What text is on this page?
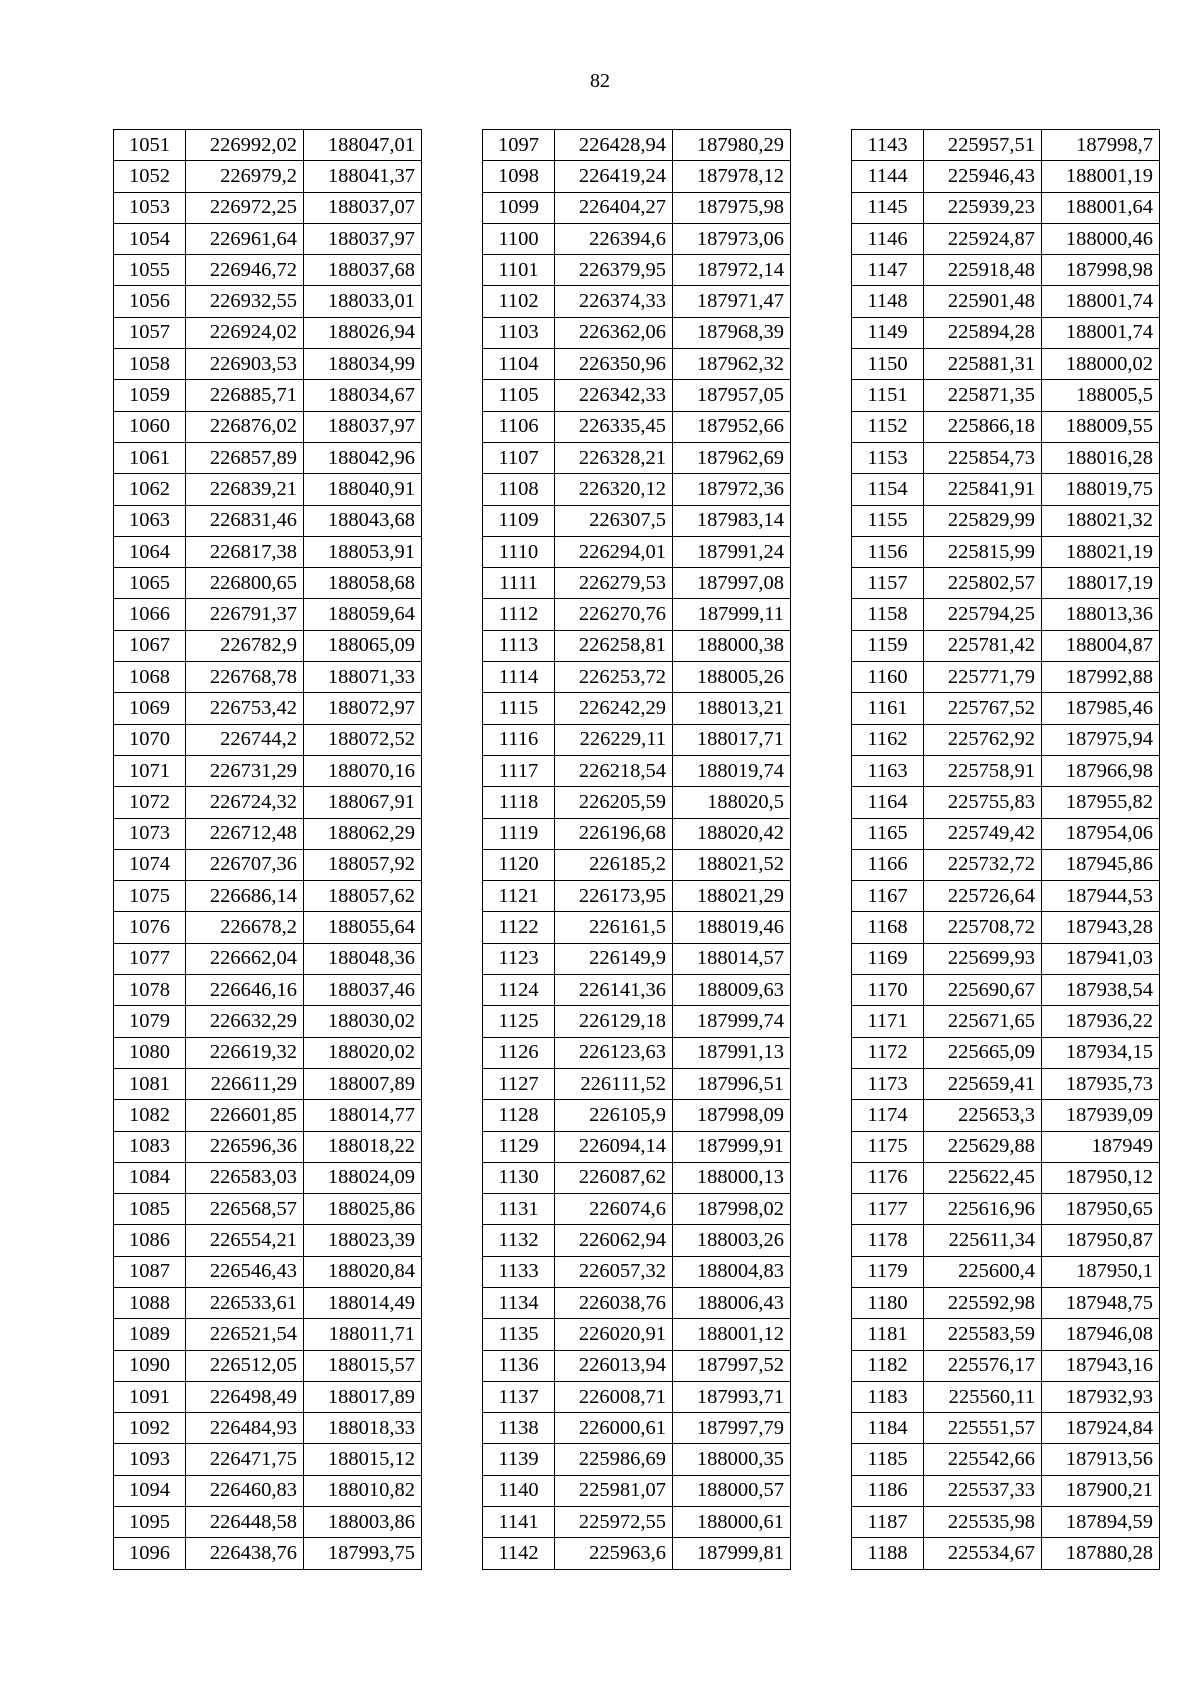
82
1051	226992,02	188047,01
1052	226979,2	188041,37
1053	226972,25	188037,07
1054	226961,64	188037,97
1055	226946,72	188037,68
1056	226932,55	188033,01
1057	226924,02	188026,94
1058	226903,53	188034,99
1059	226885,71	188034,67
1060	226876,02	188037,97
1061	226857,89	188042,96
1062	226839,21	188040,91
1063	226831,46	188043,68
1064	226817,38	188053,91
1065	226800,65	188058,68
1066	226791,37	188059,64
1067	226782,9	188065,09
1068	226768,78	188071,33
1069	226753,42	188072,97
1070	226744,2	188072,52
1071	226731,29	188070,16
1072	226724,32	188067,91
1073	226712,48	188062,29
1074	226707,36	188057,92
1075	226686,14	188057,62
1076	226678,2	188055,64
1077	226662,04	188048,36
1078	226646,16	188037,46
1079	226632,29	188030,02
1080	226619,32	188020,02
1081	226611,29	188007,89
1082	226601,85	188014,77
1083	226596,36	188018,22
1084	226583,03	188024,09
1085	226568,57	188025,86
1086	226554,21	188023,39
1087	226546,43	188020,84
1088	226533,61	188014,49
1089	226521,54	188011,71
1090	226512,05	188015,57
1091	226498,49	188017,89
1092	226484,93	188018,33
1093	226471,75	188015,12
1094	226460,83	188010,82
1095	226448,58	188003,86
1096	226438,76	187993,75
1097	226428,94	187980,29
1098	226419,24	187978,12
1099	226404,27	187975,98
1100	226394,6	187973,06
1101	226379,95	187972,14
1102	226374,33	187971,47
1103	226362,06	187968,39
1104	226350,96	187962,32
1105	226342,33	187957,05
1106	226335,45	187952,66
1107	226328,21	187962,69
1108	226320,12	187972,36
1109	226307,5	187983,14
1110	226294,01	187991,24
1111	226279,53	187997,08
1112	226270,76	187999,11
1113	226258,81	188000,38
1114	226253,72	188005,26
1115	226242,29	188013,21
1116	226229,11	188017,71
1117	226218,54	188019,74
1118	226205,59	188020,5
1119	226196,68	188020,42
1120	226185,2	188021,52
1121	226173,95	188021,29
1122	226161,5	188019,46
1123	226149,9	188014,57
1124	226141,36	188009,63
1125	226129,18	187999,74
1126	226123,63	187991,13
1127	226111,52	187996,51
1128	226105,9	187998,09
1129	226094,14	187999,91
1130	226087,62	188000,13
1131	226074,6	187998,02
1132	226062,94	188003,26
1133	226057,32	188004,83
1134	226038,76	188006,43
1135	226020,91	188001,12
1136	226013,94	187997,52
1137	226008,71	187993,71
1138	226000,61	187997,79
1139	225986,69	188000,35
1140	225981,07	188000,57
1141	225972,55	188000,61
1142	225963,6	187999,81
1143	225957,51	187998,7
1144	225946,43	188001,19
1145	225939,23	188001,64
1146	225924,87	188000,46
1147	225918,48	187998,98
1148	225901,48	188001,74
1149	225894,28	188001,74
1150	225881,31	188000,02
1151	225871,35	188005,5
1152	225866,18	188009,55
1153	225854,73	188016,28
1154	225841,91	188019,75
1155	225829,99	188021,32
1156	225815,99	188021,19
1157	225802,57	188017,19
1158	225794,25	188013,36
1159	225781,42	188004,87
1160	225771,79	187992,88
1161	225767,52	187985,46
1162	225762,92	187975,94
1163	225758,91	187966,98
1164	225755,83	187955,82
1165	225749,42	187954,06
1166	225732,72	187945,86
1167	225726,64	187944,53
1168	225708,72	187943,28
1169	225699,93	187941,03
1170	225690,67	187938,54
1171	225671,65	187936,22
1172	225665,09	187934,15
1173	225659,41	187935,73
1174	225653,3	187939,09
1175	225629,88	187949
1176	225622,45	187950,12
1177	225616,96	187950,65
1178	225611,34	187950,87
1179	225600,4	187950,1
1180	225592,98	187948,75
1181	225583,59	187946,08
1182	225576,17	187943,16
1183	225560,11	187932,93
1184	225551,57	187924,84
1185	225542,66	187913,56
1186	225537,33	187900,21
1187	225535,98	187894,59
1188	225534,67	187880,28
